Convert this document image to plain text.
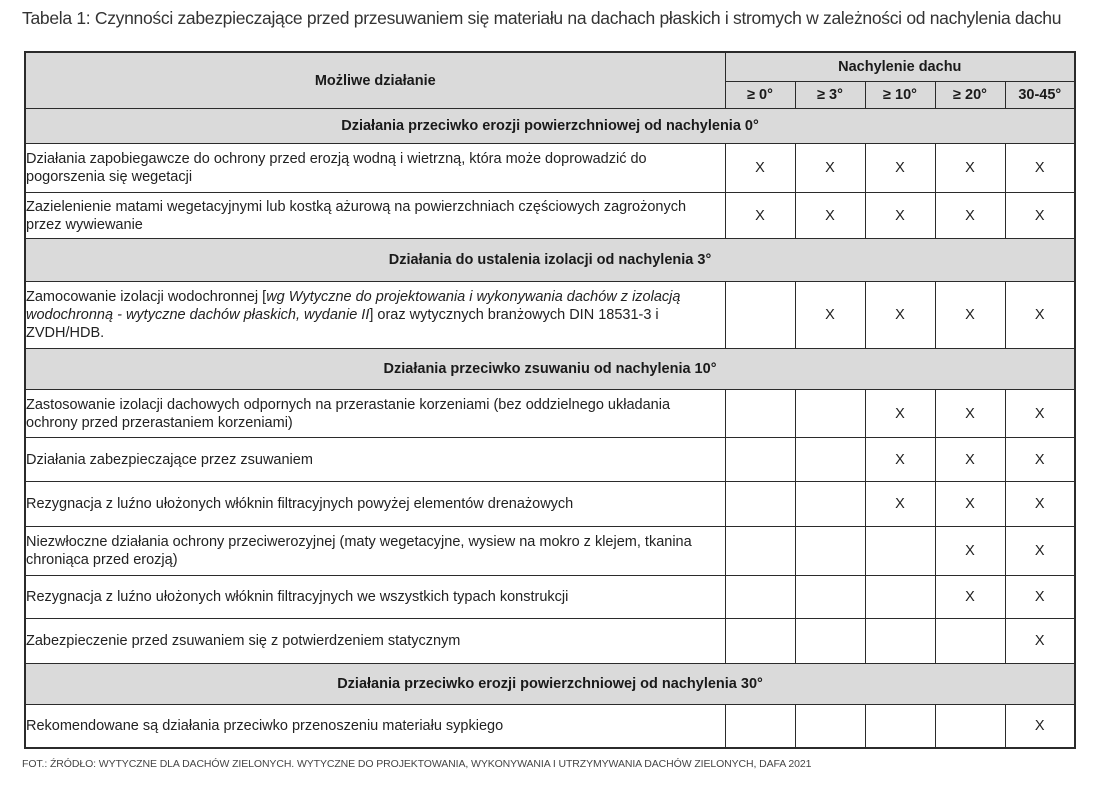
Tabela 1: Czynności zabezpieczające przed przesuwaniem się materiału na dachach płaskich i stromych w zależności od nachylenia dachu
Możliwe działanie	Nachylenie dachu				
	≥ 0°	≥ 3°	≥ 10°	≥ 20°	30-45°
Działania przeciwko erozji powierzchniowej od nachylenia 0°					
Działania zapobiegawcze do ochrony przed erozją wodną i wietrzną, która może doprowadzić do pogorszenia się wegetacji	X	X	X	X	X
Zazielenienie matami wegetacyjnymi lub kostką ażurową na powierzchniach częściowych zagrożonych przez wywiewanie	X	X	X	X	X
Działania do ustalenia izolacji od nachylenia 3°					
Zamocowanie izolacji wodochronnej [wg Wytyczne do projektowania i wykonywania dachów z izolacją wodochronną - wytyczne dachów płaskich, wydanie II] oraz wytycznych branżowych DIN 18531-3 i ZVDH/HDB.		X	X	X	X
Działania przeciwko zsuwaniu od nachylenia 10°					
Zastosowanie izolacji dachowych odpornych na przerastanie korzeniami (bez oddzielnego układania ochrony przed przerastaniem korzeniami)			X	X	X
Działania zabezpieczające przez zsuwaniem			X	X	X
Rezygnacja z luźno ułożonych włóknin filtracyjnych powyżej elementów drenażowych			X	X	X
Niezwłoczne działania ochrony przeciwerozyjnej (maty wegetacyjne, wysiew na mokro z klejem, tkanina chroniąca przed erozją)				X	X
Rezygnacja z luźno ułożonych włóknin filtracyjnych we wszystkich typach konstrukcji				X	X
Zabezpieczenie przed zsuwaniem się z potwierdzeniem statycznym					X
Działania przeciwko erozji powierzchniowej od nachylenia 30°					
Rekomendowane są działania przeciwko przenoszeniu materiału sypkiego					X
FOT.: ŹRÓDŁO: WYTYCZNE DLA DACHÓW ZIELONYCH. WYTYCZNE DO PROJEKTOWANIA, WYKONYWANIA I UTRZYMYWANIA DACHÓW ZIELONYCH, DAFA 2021
